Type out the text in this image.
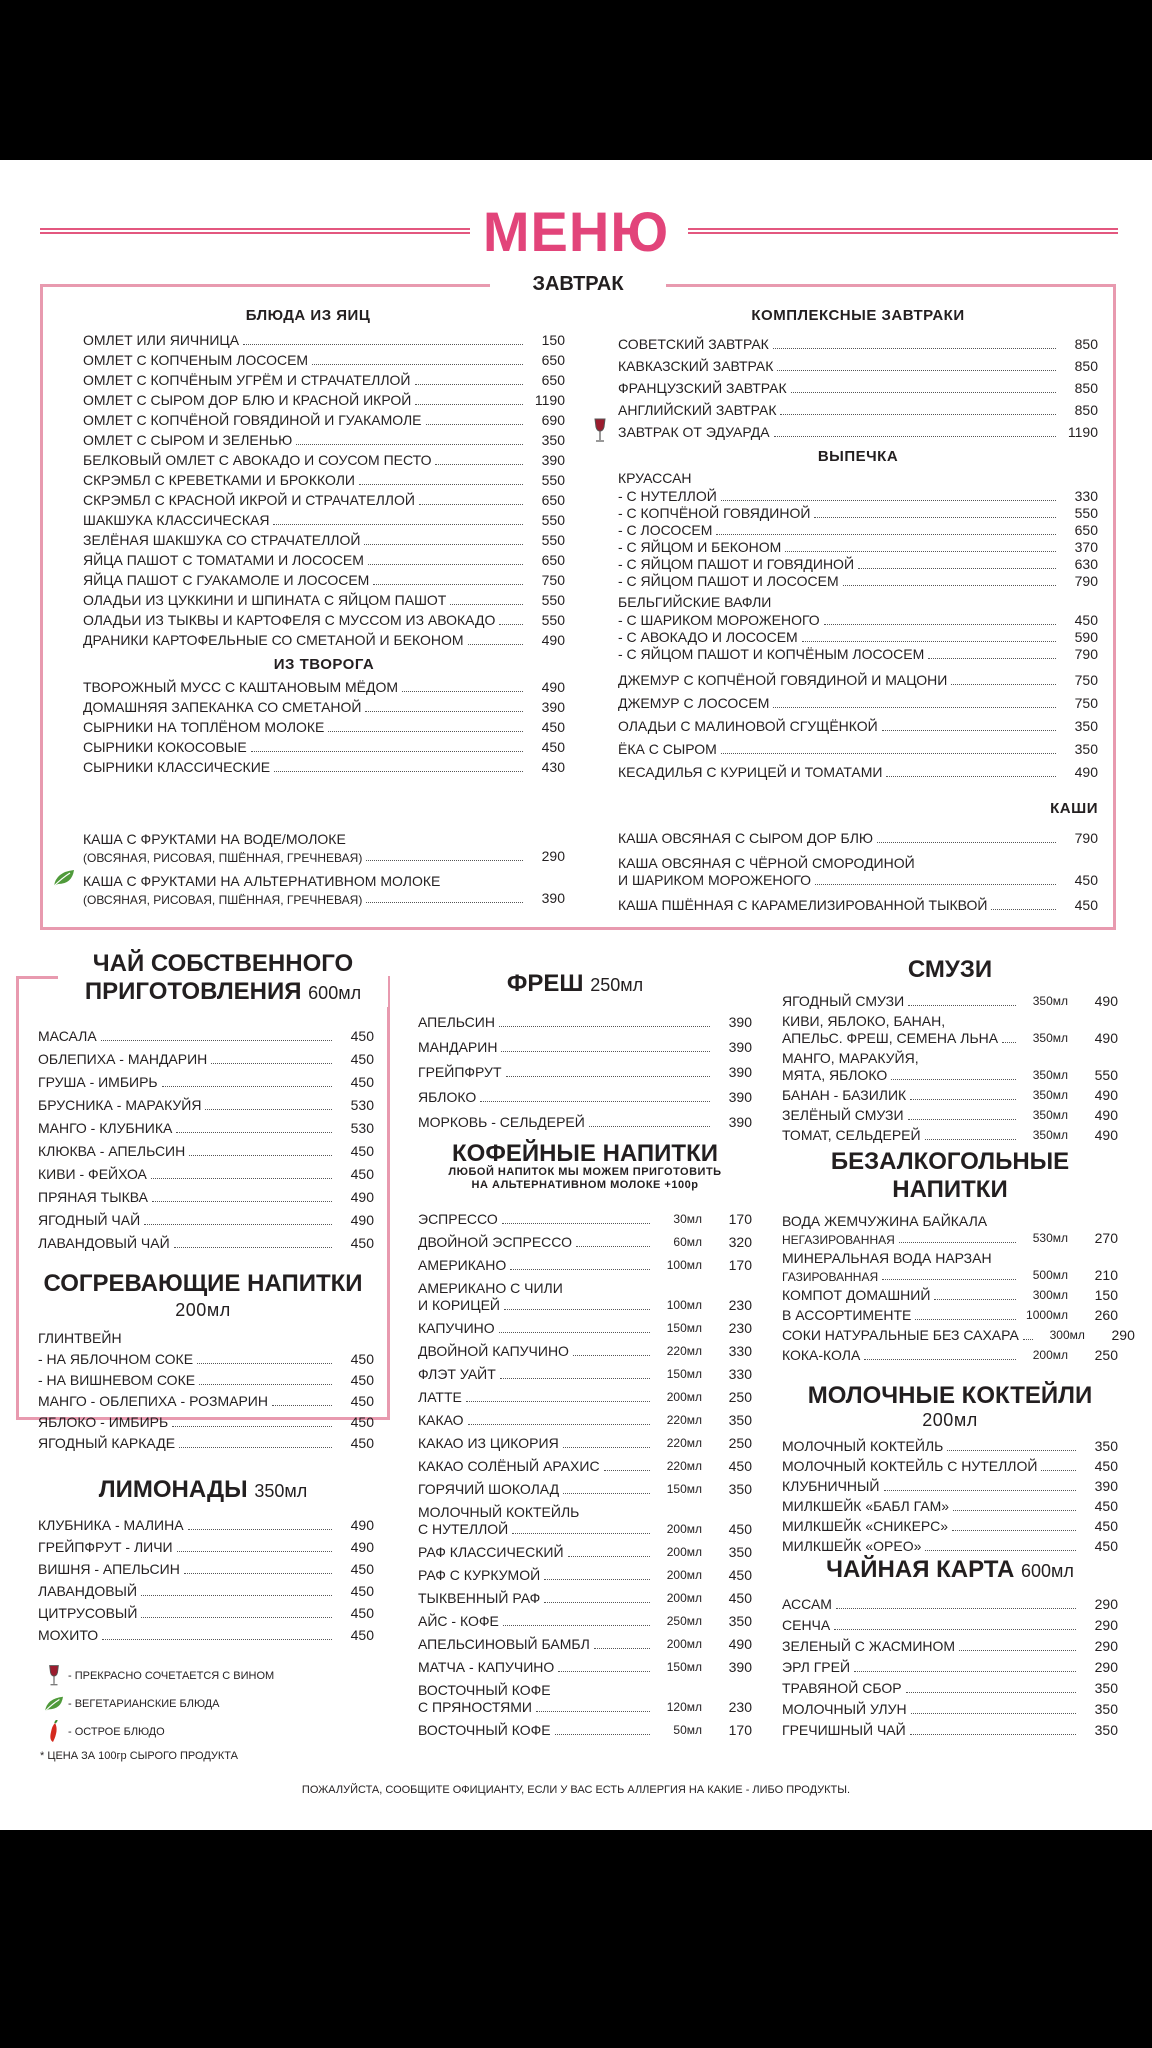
МЕНЮ
ЗАВТРАК
БЛЮДА ИЗ ЯИЦ
ОМЛЕТ ИЛИ ЯИЧНИЦА	150
ОМЛЕТ С КОПЧЕНЫМ ЛОСОСЕМ	650
ОМЛЕТ С КОПЧЁНЫМ УГРЁМ И СТРАЧАТЕЛЛОЙ	650
ОМЛЕТ С СЫРОМ ДОР БЛЮ И КРАСНОЙ ИКРОЙ	1190
ОМЛЕТ С КОПЧЁНОЙ ГОВЯДИНОЙ И ГУАКАМОЛЕ	690
ОМЛЕТ С СЫРОМ И ЗЕЛЕНЬЮ	350
БЕЛКОВЫЙ ОМЛЕТ С АВОКАДО И СОУСОМ ПЕСТО	390
СКРЭМБЛ С КРЕВЕТКАМИ И БРОККОЛИ	550
СКРЭМБЛ С КРАСНОЙ ИКРОЙ И СТРАЧАТЕЛЛОЙ	650
ШАКШУКА КЛАССИЧЕСКАЯ	550
ЗЕЛЁНАЯ ШАКШУКА СО СТРАЧАТЕЛЛОЙ	550
ЯЙЦА ПАШОТ С ТОМАТАМИ И ЛОСОСЕМ	650
ЯЙЦА ПАШОТ С ГУАКАМОЛЕ И ЛОСОСЕМ	750
ОЛАДЬИ ИЗ ЦУККИНИ И ШПИНАТА С ЯЙЦОМ ПАШОТ	550
ОЛАДЬИ ИЗ ТЫКВЫ И КАРТОФЕЛЯ С МУССОМ ИЗ АВОКАДО	550
ДРАНИКИ КАРТОФЕЛЬНЫЕ СО СМЕТАНОЙ И БЕКОНОМ	490
ИЗ ТВОРОГА
ТВОРОЖНЫЙ МУСС С КАШТАНОВЫМ МЁДОМ	490
ДОМАШНЯЯ ЗАПЕКАНКА СО СМЕТАНОЙ	390
СЫРНИКИ НА ТОПЛЁНОМ МОЛОКЕ	450
СЫРНИКИ КОКОСОВЫЕ	450
СЫРНИКИ КЛАССИЧЕСКИЕ	430
КОМПЛЕКСНЫЕ ЗАВТРАКИ
СОВЕТСКИЙ ЗАВТРАК	850
КАВКАЗСКИЙ ЗАВТРАК	850
ФРАНЦУЗСКИЙ ЗАВТРАК	850
АНГЛИЙСКИЙ ЗАВТРАК	850
ЗАВТРАК ОТ ЭДУАРДА	1190
ВЫПЕЧКА
КРУАССАН
- С НУТЕЛЛОЙ	330
- С КОПЧЁНОЙ ГОВЯДИНОЙ	550
- С ЛОСОСЕМ	650
- С ЯЙЦОМ И БЕКОНОМ	370
- С ЯЙЦОМ ПАШОТ И ГОВЯДИНОЙ	630
- С ЯЙЦОМ ПАШОТ И ЛОСОСЕМ	790
БЕЛЬГИЙСКИЕ ВАФЛИ
- С ШАРИКОМ МОРОЖЕНОГО	450
- С АВОКАДО И ЛОСОСЕМ	590
- С ЯЙЦОМ ПАШОТ И КОПЧЁНЫМ ЛОСОСЕМ	790
ДЖЕМУР С КОПЧЁНОЙ ГОВЯДИНОЙ И МАЦОНИ	750
ДЖЕМУР С ЛОСОСЕМ	750
ОЛАДЬИ С МАЛИНОВОЙ СГУЩЁНКОЙ	350
ЁКА С СЫРОМ	350
КЕСАДИЛЬЯ С КУРИЦЕЙ И ТОМАТАМИ	490
КАШИ
КАША С ФРУКТАМИ НА ВОДЕ/МОЛОКЕ
(ОВСЯНАЯ, РИСОВАЯ, ПШЁННАЯ, ГРЕЧНЕВАЯ)	290
КАША С ФРУКТАМИ НА АЛЬТЕРНАТИВНОМ МОЛОКЕ
(ОВСЯНАЯ, РИСОВАЯ, ПШЁННАЯ, ГРЕЧНЕВАЯ)	390
КАША ОВСЯНАЯ С СЫРОМ ДОР БЛЮ	790
КАША ОВСЯНАЯ С ЧЁРНОЙ СМОРОДИНОЙ
И ШАРИКОМ МОРОЖЕНОГО	450
КАША ПШЁННАЯ С КАРАМЕЛИЗИРОВАННОЙ ТЫКВОЙ	450
ЧАЙ СОБСТВЕННОГО
ПРИГОТОВЛЕНИЯ 600мл
МАСАЛА	450
ОБЛЕПИХА - МАНДАРИН	450
ГРУША - ИМБИРЬ	450
БРУСНИКА - МАРАКУЙЯ	530
МАНГО - КЛУБНИКА	530
КЛЮКВА - АПЕЛЬСИН	450
КИВИ - ФЕЙХОА	450
ПРЯНАЯ ТЫКВА	490
ЯГОДНЫЙ ЧАЙ	490
ЛАВАНДОВЫЙ ЧАЙ	450
СОГРЕВАЮЩИЕ НАПИТКИ
200мл
ГЛИНТВЕЙН
- НА ЯБЛОЧНОМ СОКЕ	450
- НА ВИШНЕВОМ СОКЕ	450
МАНГО - ОБЛЕПИХА - РОЗМАРИН	450
ЯБЛОКО - ИМБИРЬ	450
ЯГОДНЫЙ КАРКАДЕ	450
ЛИМОНАДЫ 350мл
КЛУБНИКА - МАЛИНА	490
ГРЕЙПФРУТ - ЛИЧИ	490
ВИШНЯ - АПЕЛЬСИН	450
ЛАВАНДОВЫЙ	450
ЦИТРУСОВЫЙ	450
МОХИТО	450
- ПРЕКРАСНО СОЧЕТАЕТСЯ С ВИНОМ
- ВЕГЕТАРИАНСКИЕ БЛЮДА
- ОСТРОЕ БЛЮДО
* ЦЕНА ЗА 100гр СЫРОГО ПРОДУКТА
ФРЕШ 250мл
АПЕЛЬСИН	390
МАНДАРИН	390
ГРЕЙПФРУТ	390
ЯБЛОКО	390
МОРКОВЬ - СЕЛЬДЕРЕЙ	390
КОФЕЙНЫЕ НАПИТКИ
ЛЮБОЙ НАПИТОК МЫ МОЖЕМ ПРИГОТОВИТЬ
НА АЛЬТЕРНАТИВНОМ МОЛОКЕ +100р
ЭСПРЕССО	30мл	170
ДВОЙНОЙ ЭСПРЕССО	60мл	320
АМЕРИКАНО	100мл	170
АМЕРИКАНО С ЧИЛИ
И КОРИЦЕЙ	100мл	230
КАПУЧИНО	150мл	230
ДВОЙНОЙ КАПУЧИНО	220мл	330
ФЛЭТ УАЙТ	150мл	330
ЛАТТЕ	200мл	250
КАКАО	220мл	350
КАКАО ИЗ ЦИКОРИЯ	220мл	250
КАКАО СОЛЁНЫЙ АРАХИС	220мл	450
ГОРЯЧИЙ ШОКОЛАД	150мл	350
МОЛОЧНЫЙ КОКТЕЙЛЬ
С НУТЕЛЛОЙ	200мл	450
РАФ КЛАССИЧЕСКИЙ	200мл	350
РАФ С КУРКУМОЙ	200мл	450
ТЫКВЕННЫЙ РАФ	200мл	450
АЙС - КОФЕ	250мл	350
АПЕЛЬСИНОВЫЙ БАМБЛ	200мл	490
МАТЧА - КАПУЧИНО	150мл	390
ВОСТОЧНЫЙ КОФЕ
С ПРЯНОСТЯМИ	120мл	230
ВОСТОЧНЫЙ КОФЕ	50мл	170
СМУЗИ
ЯГОДНЫЙ СМУЗИ	350мл	490
КИВИ, ЯБЛОКО, БАНАН,
АПЕЛЬС. ФРЕШ, СЕМЕНА ЛЬНА	350мл	490
МАНГО, МАРАКУЙЯ,
МЯТА, ЯБЛОКО	350мл	550
БАНАН - БАЗИЛИК	350мл	490
ЗЕЛЁНЫЙ СМУЗИ	350мл	490
ТОМАТ, СЕЛЬДЕРЕЙ	350мл	490
БЕЗАЛКОГОЛЬНЫЕ
НАПИТКИ
ВОДА ЖЕМЧУЖИНА БАЙКАЛА
НЕГАЗИРОВАННАЯ	530мл	270
МИНЕРАЛЬНАЯ ВОДА НАРЗАН
ГАЗИРОВАННАЯ	500мл	210
КОМПОТ ДОМАШНИЙ	300мл	150
В АССОРТИМЕНТЕ	1000мл	260
СОКИ НАТУРАЛЬНЫЕ БЕЗ САХАРА	300мл	290
КОКА-КОЛА	200мл	250
МОЛОЧНЫЕ КОКТЕЙЛИ
200мл
МОЛОЧНЫЙ КОКТЕЙЛЬ	350
МОЛОЧНЫЙ КОКТЕЙЛЬ С НУТЕЛЛОЙ	450
КЛУБНИЧНЫЙ	390
МИЛКШЕЙК «БАБЛ ГАМ»	450
МИЛКШЕЙК «СНИКЕРС»	450
МИЛКШЕЙК «ОРЕО»	450
ЧАЙНАЯ КАРТА 600мл
АССАМ	290
СЕНЧА	290
ЗЕЛЕНЫЙ С ЖАСМИНОМ	290
ЭРЛ ГРЕЙ	290
ТРАВЯНОЙ СБОР	350
МОЛОЧНЫЙ УЛУН	350
ГРЕЧИШНЫЙ ЧАЙ	350
ПОЖАЛУЙСТА, СООБЩИТЕ ОФИЦИАНТУ, ЕСЛИ У ВАС ЕСТЬ АЛЛЕРГИЯ НА КАКИЕ - ЛИБО ПРОДУКТЫ.
